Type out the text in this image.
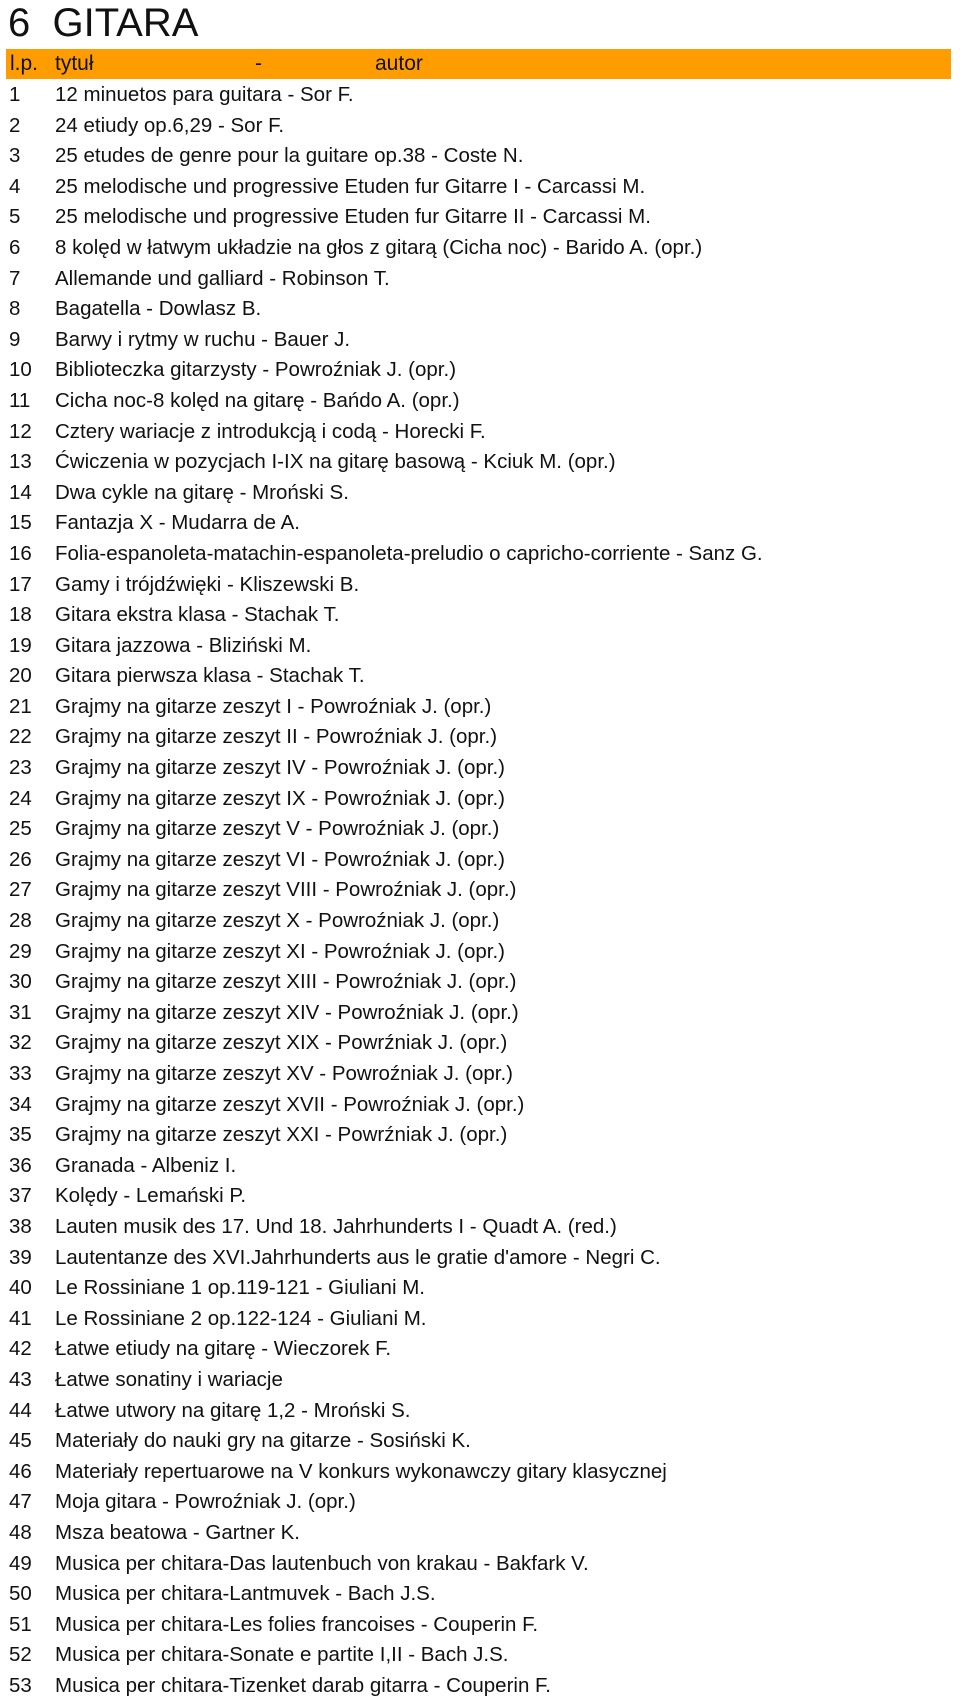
6  GITARA
l.p. tytuł	-	autor
1 12 minuetos para guitara - Sor F.
2 24 etiudy op.6,29 - Sor F.
3 25 etudes de genre pour la guitare op.38 - Coste N.
4 25 melodische und progressive Etuden fur Gitarre I - Carcassi M.
5 25 melodische und progressive Etuden fur Gitarre II - Carcassi M.
6 8 kolęd w łatwym układzie na głos z gitarą (Cicha noc) - Barido A. (opr.)
7 Allemande und galliard - Robinson T.
8 Bagatella - Dowlasz B.
9 Barwy i rytmy w ruchu - Bauer J.
10 Biblioteczka gitarzysty - Powroźniak J. (opr.)
11 Cicha noc-8 kolęd na gitarę - Bańdo A. (opr.)
12 Cztery wariacje z introdukcją i codą - Horecki F.
13 Ćwiczenia w pozycjach I-IX na gitarę basową - Kciuk M. (opr.)
14 Dwa cykle na gitarę - Mroński S.
15 Fantazja X - Mudarra de A.
16 Folia-espanoleta-matachin-espanoleta-preludio o capricho-corriente - Sanz G.
17 Gamy i trójdźwięki - Kliszewski B.
18 Gitara ekstra klasa - Stachak T.
19 Gitara jazzowa - Bliziński M.
20 Gitara pierwsza klasa - Stachak T.
21 Grajmy na gitarze zeszyt I - Powroźniak J. (opr.)
22 Grajmy na gitarze zeszyt II - Powroźniak J. (opr.)
23 Grajmy na gitarze zeszyt IV - Powroźniak J. (opr.)
24 Grajmy na gitarze zeszyt IX - Powroźniak J. (opr.)
25 Grajmy na gitarze zeszyt V - Powroźniak J. (opr.)
26 Grajmy na gitarze zeszyt VI - Powroźniak J. (opr.)
27 Grajmy na gitarze zeszyt VIII - Powroźniak J. (opr.)
28 Grajmy na gitarze zeszyt X - Powroźniak J. (opr.)
29 Grajmy na gitarze zeszyt XI - Powroźniak J. (opr.)
30 Grajmy na gitarze zeszyt XIII - Powroźniak J. (opr.)
31 Grajmy na gitarze zeszyt XIV - Powroźniak J. (opr.)
32 Grajmy na gitarze zeszyt XIX - Powrźniak J. (opr.)
33 Grajmy na gitarze zeszyt XV - Powroźniak J. (opr.)
34 Grajmy na gitarze zeszyt XVII - Powroźniak J. (opr.)
35 Grajmy na gitarze zeszyt XXI - Powrźniak J. (opr.)
36 Granada - Albeniz I.
37 Kolędy - Lemański P.
38 Lauten musik des 17. Und 18. Jahrhunderts I - Quadt A. (red.)
39 Lautentanze des XVI.Jahrhunderts aus le gratie d'amore - Negri C.
40 Le Rossiniane 1 op.119-121 - Giuliani M.
41 Le Rossiniane 2 op.122-124 - Giuliani M.
42 Łatwe etiudy na gitarę - Wieczorek F.
43 Łatwe sonatiny i wariacje
44 Łatwe utwory na gitarę 1,2 - Mroński S.
45 Materiały do nauki gry na gitarze - Sosiński K.
46 Materiały repertuarowe na V konkurs wykonawczy gitary klasycznej
47 Moja gitara - Powroźniak J. (opr.)
48 Msza beatowa - Gartner K.
49 Musica per chitara-Das lautenbuch von krakau - Bakfark V.
50 Musica per chitara-Lantmuvek - Bach J.S.
51 Musica per chitara-Les folies francoises - Couperin F.
52 Musica per chitara-Sonate e partite I,II - Bach J.S.
53 Musica per chitara-Tizenket darab gitarra - Couperin F.
